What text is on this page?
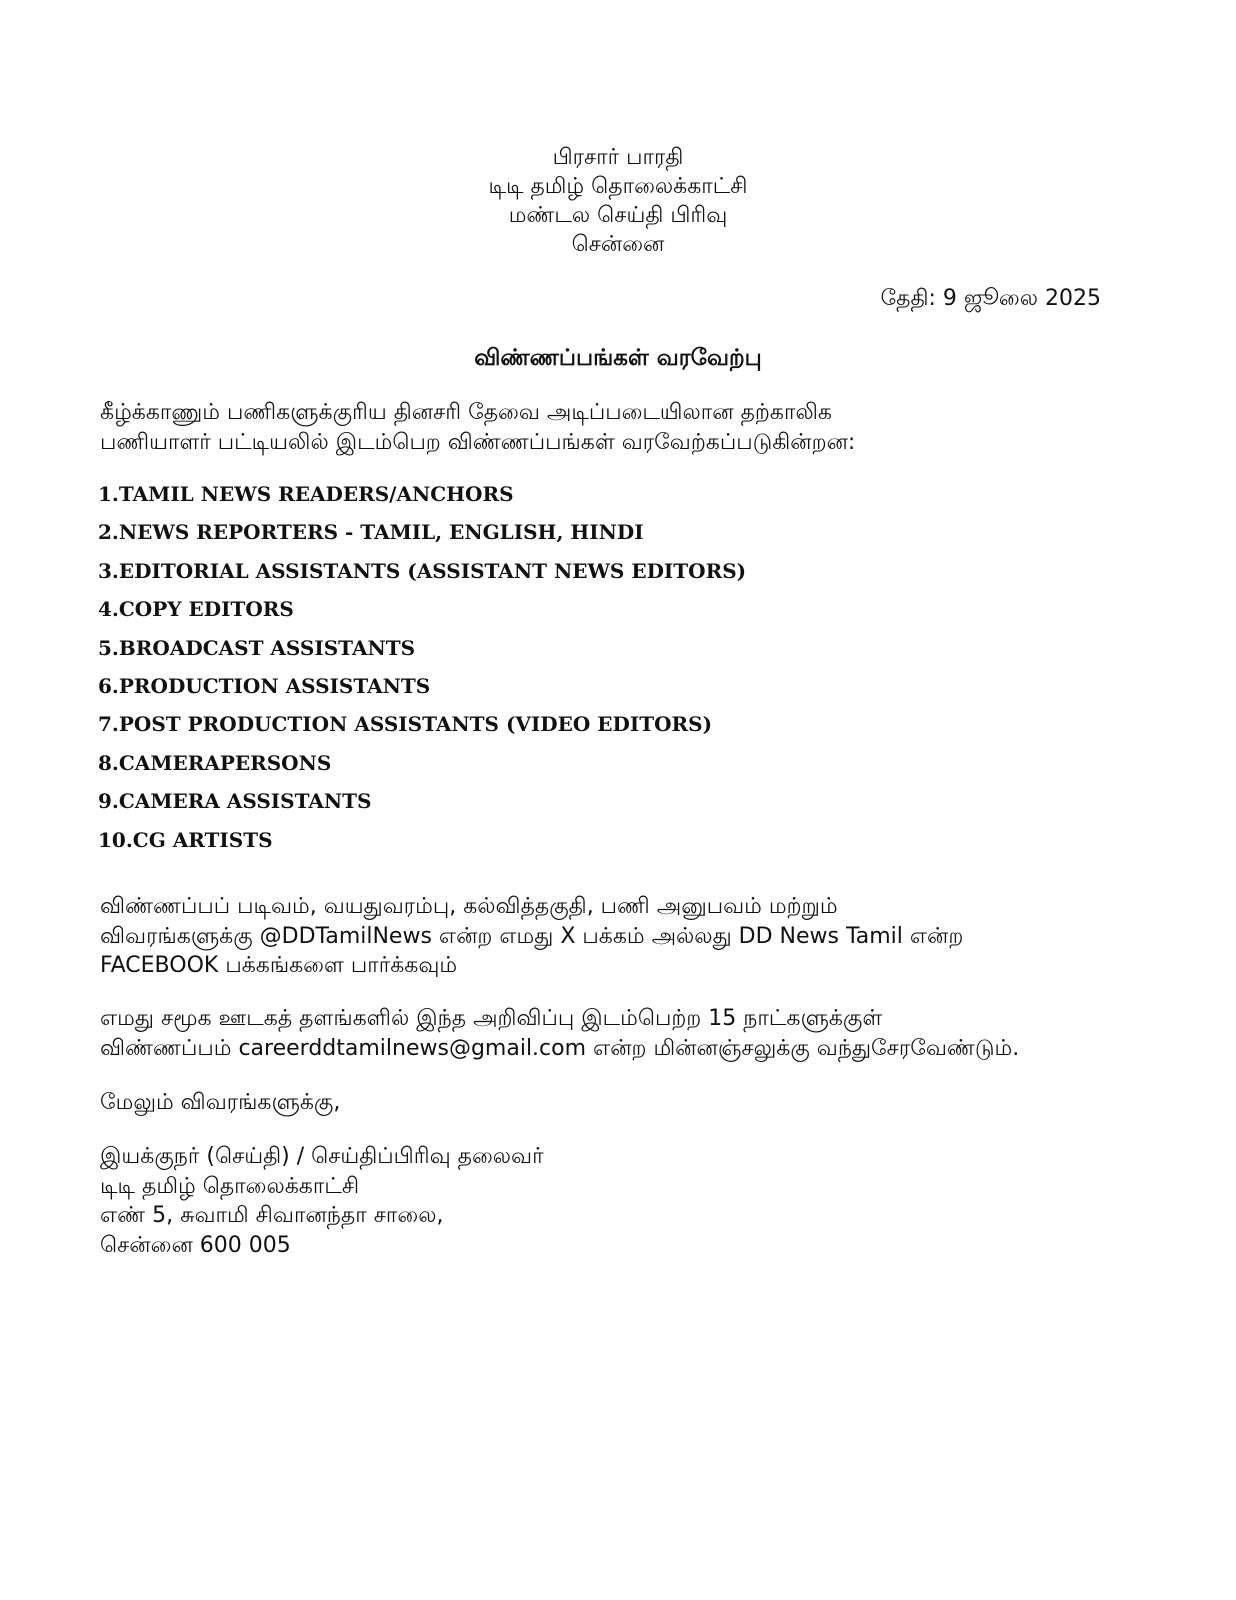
பிரசார் பாரதி
டிடி தமிழ் தொலைக்காட்சி
மண்டல செய்தி பிரிவு
சென்னை
தேதி: 9 ஜூலை 2025
விண்ணப்பங்கள் வரவேற்பு
கீழ்க்காணும் பணிகளுக்குரிய தினசரி தேவை அடிப்படையிலான தற்காலிக
பணியாளர் பட்டியலில் இடம்பெற விண்ணப்பங்கள் வரவேற்கப்படுகின்றன:
1.TAMIL NEWS READERS/ANCHORS
2.NEWS REPORTERS - TAMIL, ENGLISH, HINDI
3.EDITORIAL ASSISTANTS (ASSISTANT NEWS EDITORS)
4.COPY EDITORS
5.BROADCAST ASSISTANTS
6.PRODUCTION ASSISTANTS
7.POST PRODUCTION ASSISTANTS (VIDEO EDITORS)
8.CAMERAPERSONS
9.CAMERA ASSISTANTS
10.CG ARTISTS
விண்ணப்பப் படிவம், வயதுவரம்பு, கல்வித்தகுதி, பணி அனுபவம் மற்றும்
விவரங்களுக்கு @DDTamilNews என்ற எமது X பக்கம் அல்லது DD News Tamil என்ற
FACEBOOK பக்கங்களை பார்க்கவும்
எமது சமூக ஊடகத் தளங்களில் இந்த அறிவிப்பு இடம்பெற்ற 15 நாட்களுக்குள்
விண்ணப்பம் careerddtamilnews@gmail.com என்ற மின்னஞ்சலுக்கு வந்துசேரவேண்டும்.
மேலும் விவரங்களுக்கு,
இயக்குநர் (செய்தி) / செய்திப்பிரிவு தலைவர்
டிடி தமிழ் தொலைக்காட்சி
எண் 5, சுவாமி சிவானந்தா சாலை,
சென்னை 600 005
